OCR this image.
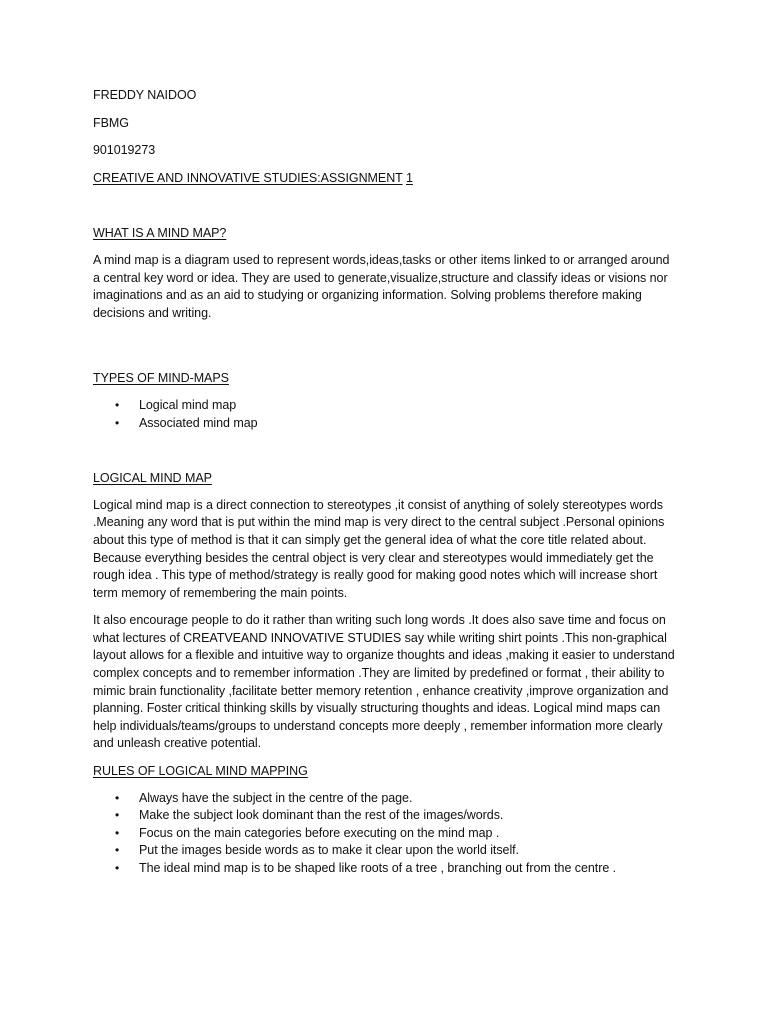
FREDDY NAIDOO

FBMG

901019273

CREATIVE AND INNOVATIVE STUDIES:ASSIGNMENT 1

WHAT IS A MIND MAP?

A mind map is a diagram used to represent words,ideas,tasks or other items linked to or arranged around a central key word or idea. They are used to generate,visualize,structure and classify ideas or visions nor imaginations and as an aid to studying or organizing information. Solving problems therefore making decisions and writing.

TYPES OF MIND-MAPS

•	Logical mind map
•	Associated mind map

LOGICAL MIND MAP

Logical mind map is a direct connection to stereotypes ,it consist of anything of solely stereotypes words .Meaning any word that is put within the mind map is very direct to the central subject .Personal opinions about this type of method is that it can simply get the general idea of what the core title related about. Because everything besides the central object is very clear and stereotypes would immediately get the rough idea . This type of method/strategy is really good for making good notes which will increase short term memory of remembering the main points.

It also encourage people to do it rather than writing such long words .It does also save time and focus on what lectures of CREATVEAND INNOVATIVE STUDIES say while writing shirt points .This non-graphical layout allows for a flexible and intuitive way to organize thoughts and ideas ,making it easier to understand complex concepts and to remember information .They are limited by predefined or format , their ability to mimic brain functionality ,facilitate better memory retention , enhance creativity ,improve organization and planning. Foster critical thinking skills by visually structuring thoughts and ideas. Logical mind maps can help individuals/teams/groups to understand concepts more deeply , remember information more clearly and unleash creative potential.

RULES OF LOGICAL MIND MAPPING

•	Always have the subject in the centre of the page.
•	Make the subject look dominant than the rest of the images/words.
•	Focus on the main categories before executing on the mind map .
•	Put the images beside words as to make it clear upon the world itself.
•	The ideal mind map is to be shaped like roots of a tree , branching out from the centre .
